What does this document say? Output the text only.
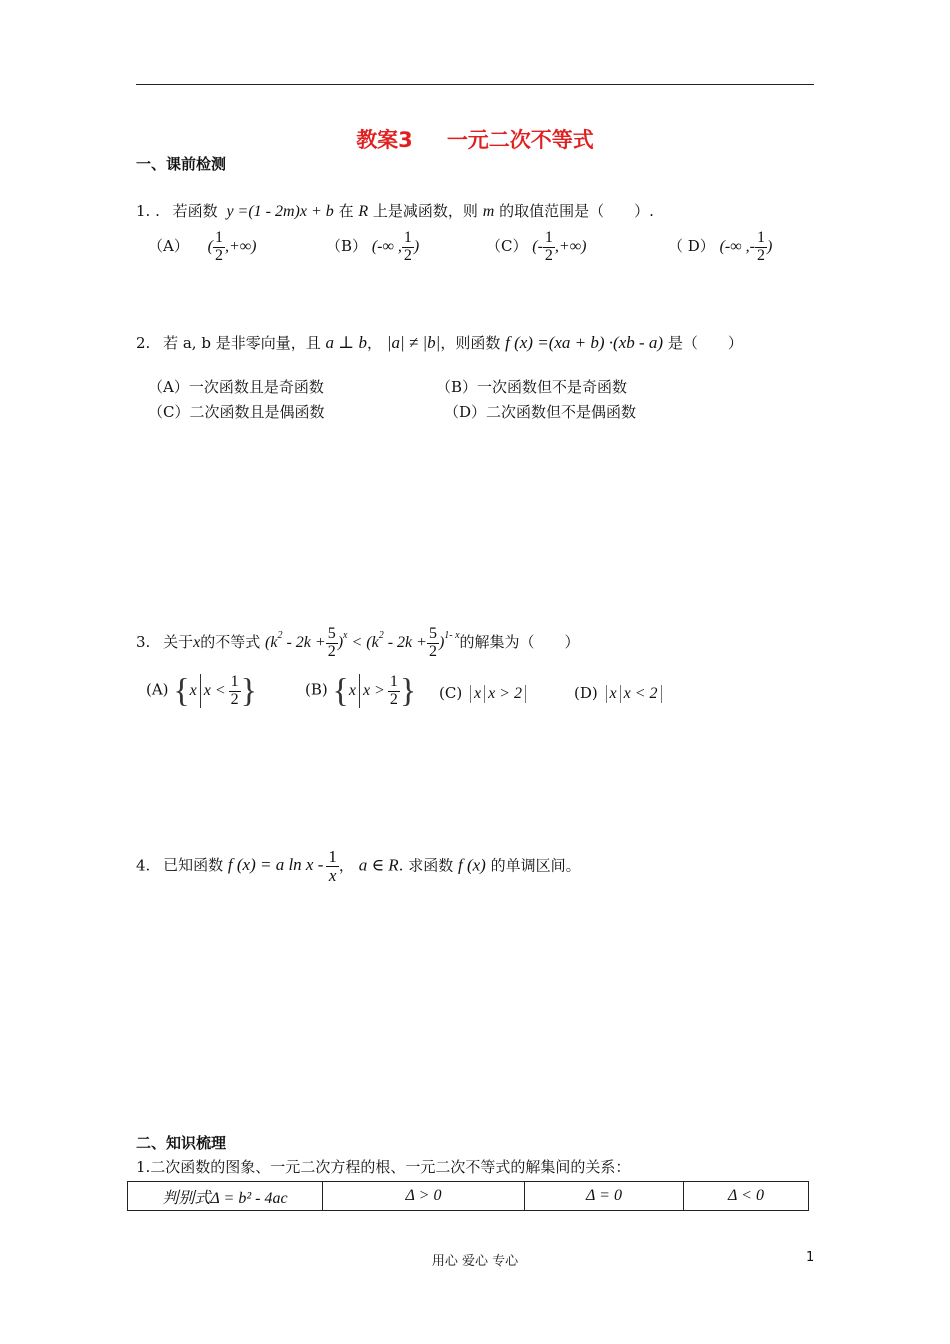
教案3 一元二次不等式
一、课前检测
1. . 若函数 y =(1 - 2m)x + b 在 R 上是减函数，则 m 的取值范围是（　　）.
（A） ( $\frac{1}{2}$ ,+∞)	（B） (-∞ , $\frac{1}{2}$ )	（C） (- $\frac{1}{2}$ ,+∞)	（ D） (-∞ ,- $\frac{1}{2}$ )
2. 若 a, b 是非零向量，且 a ⊥ b， |a| ≠ |b|，则函数 f (x) =(xa + b) ·(xb - a) 是（　　）
（A）一次函数且是奇函数	（B）一次函数但不是奇函数
（C）二次函数且是偶函数	（D）二次函数但不是偶函数
3. 关于x的不等式 $(k^2 - 2k + \frac{5}{2} )^x < (k^2 - 2k + \frac{5}{2} )^{1- x}$的解集为（　　）
(A) {x $x < \frac{1}{2}$ }	(B) {x $x > \frac{1}{2}$ } (C) x x > 2	(D) x x < 2
4. 已知函数 f (x) = a ln x - $\frac{1}{x}$ ， a ∈ R. 求函数 f (x) 的单调区间。
二、知识梳理
1.二次函数的图象、一元二次方程的根、一元二次不等式的解集间的关系：
判别式Δ = b² - 4ac	Δ > 0	Δ = 0	Δ < 0
用心 爱心 专心	1
